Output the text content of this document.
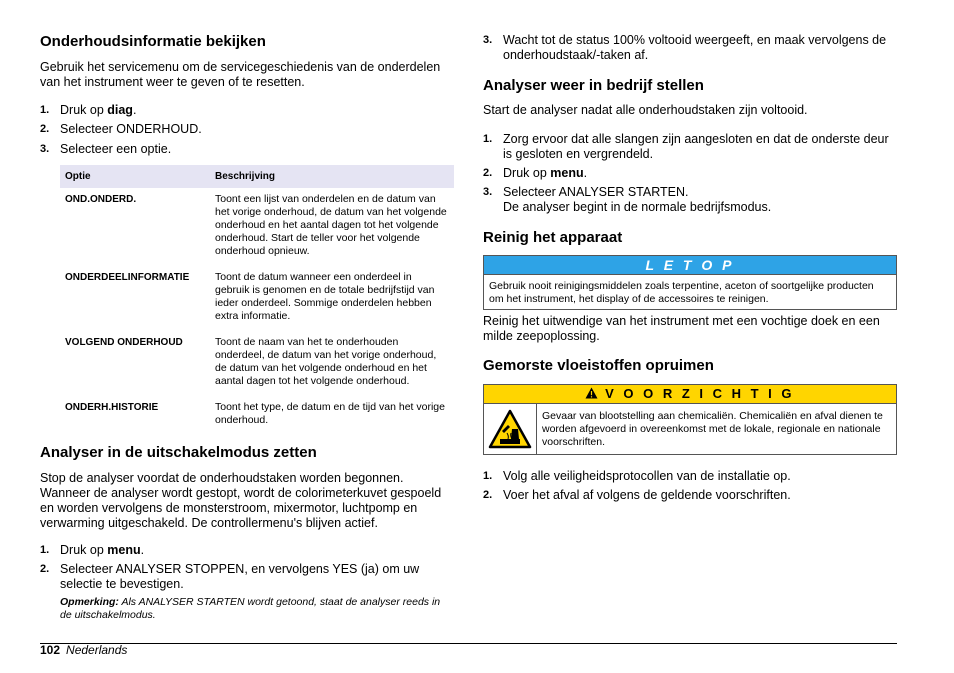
Onderhoudsinformatie bekijken

Gebruik het servicemenu om de servicegeschiedenis van de onderdelen van het instrument weer te geven of te resetten.

1. Druk op diag.
2. Selecteer ONDERHOUD.
3. Selecteer een optie.
Optie	Beschrijving
OND.ONDERD.	Toont een lijst van onderdelen en de datum van het vorige onderhoud, de datum van het volgende onderhoud en het aantal dagen tot het volgende onderhoud. Start de teller voor het volgende onderhoud opnieuw.
ONDERDEELINFORMATIE	Toont de datum wanneer een onderdeel in gebruik is genomen en de totale bedrijfstijd van ieder onderdeel. Sommige onderdelen hebben extra informatie.
VOLGEND ONDERHOUD	Toont de naam van het te onderhouden onderdeel, de datum van het vorige onderhoud, de datum van het volgende onderhoud en het aantal dagen tot het volgende onderhoud.
ONDERH.HISTORIE	Toont het type, de datum en de tijd van het vorige onderhoud.
Analyser in de uitschakelmodus zetten

Stop de analyser voordat de onderhoudstaken worden begonnen. Wanneer de analyser wordt gestopt, wordt de colorimeterkuvet gespoeld en worden vervolgens de monsterstroom, mixermotor, luchtpomp en verwarming uitgeschakeld. De controllermenu's blijven actief.

1. Druk op menu.
2. Selecteer ANALYSER STOPPEN, en vervolgens YES (ja) om uw selectie te bevestigen.
Opmerking: Als ANALYSER STARTEN wordt getoond, staat de analyser reeds in de uitschakelmodus.
3. Wacht tot de status 100% voltooid weergeeft, en maak vervolgens de onderhoudstaak/-taken af.
Analyser weer in bedrijf stellen

Start de analyser nadat alle onderhoudstaken zijn voltooid.

1. Zorg ervoor dat alle slangen zijn aangesloten en dat de onderste deur is gesloten en vergrendeld.
2. Druk op menu.
3. Selecteer ANALYSER STARTEN.
De analyser begint in de normale bedrijfsmodus.
Reinig het apparaat
L E T O P
Gebruik nooit reinigingsmiddelen zoals terpentine, aceton of soortgelijke producten om het instrument, het display of de accessoires te reinigen.

Reinig het uitwendige van het instrument met een vochtige doek en een milde zeepoplossing.

Gemorste vloeistoffen opruimen
V O O R Z I C H T I G
Gevaar van blootstelling aan chemicaliën. Chemicaliën en afval dienen te worden afgevoerd in overeenkomst met de lokale, regionale en nationale voorschriften.
1. Volg alle veiligheidsprotocollen van de installatie op.
2. Voer het afval af volgens de geldende voorschriften.
102 Nederlands
